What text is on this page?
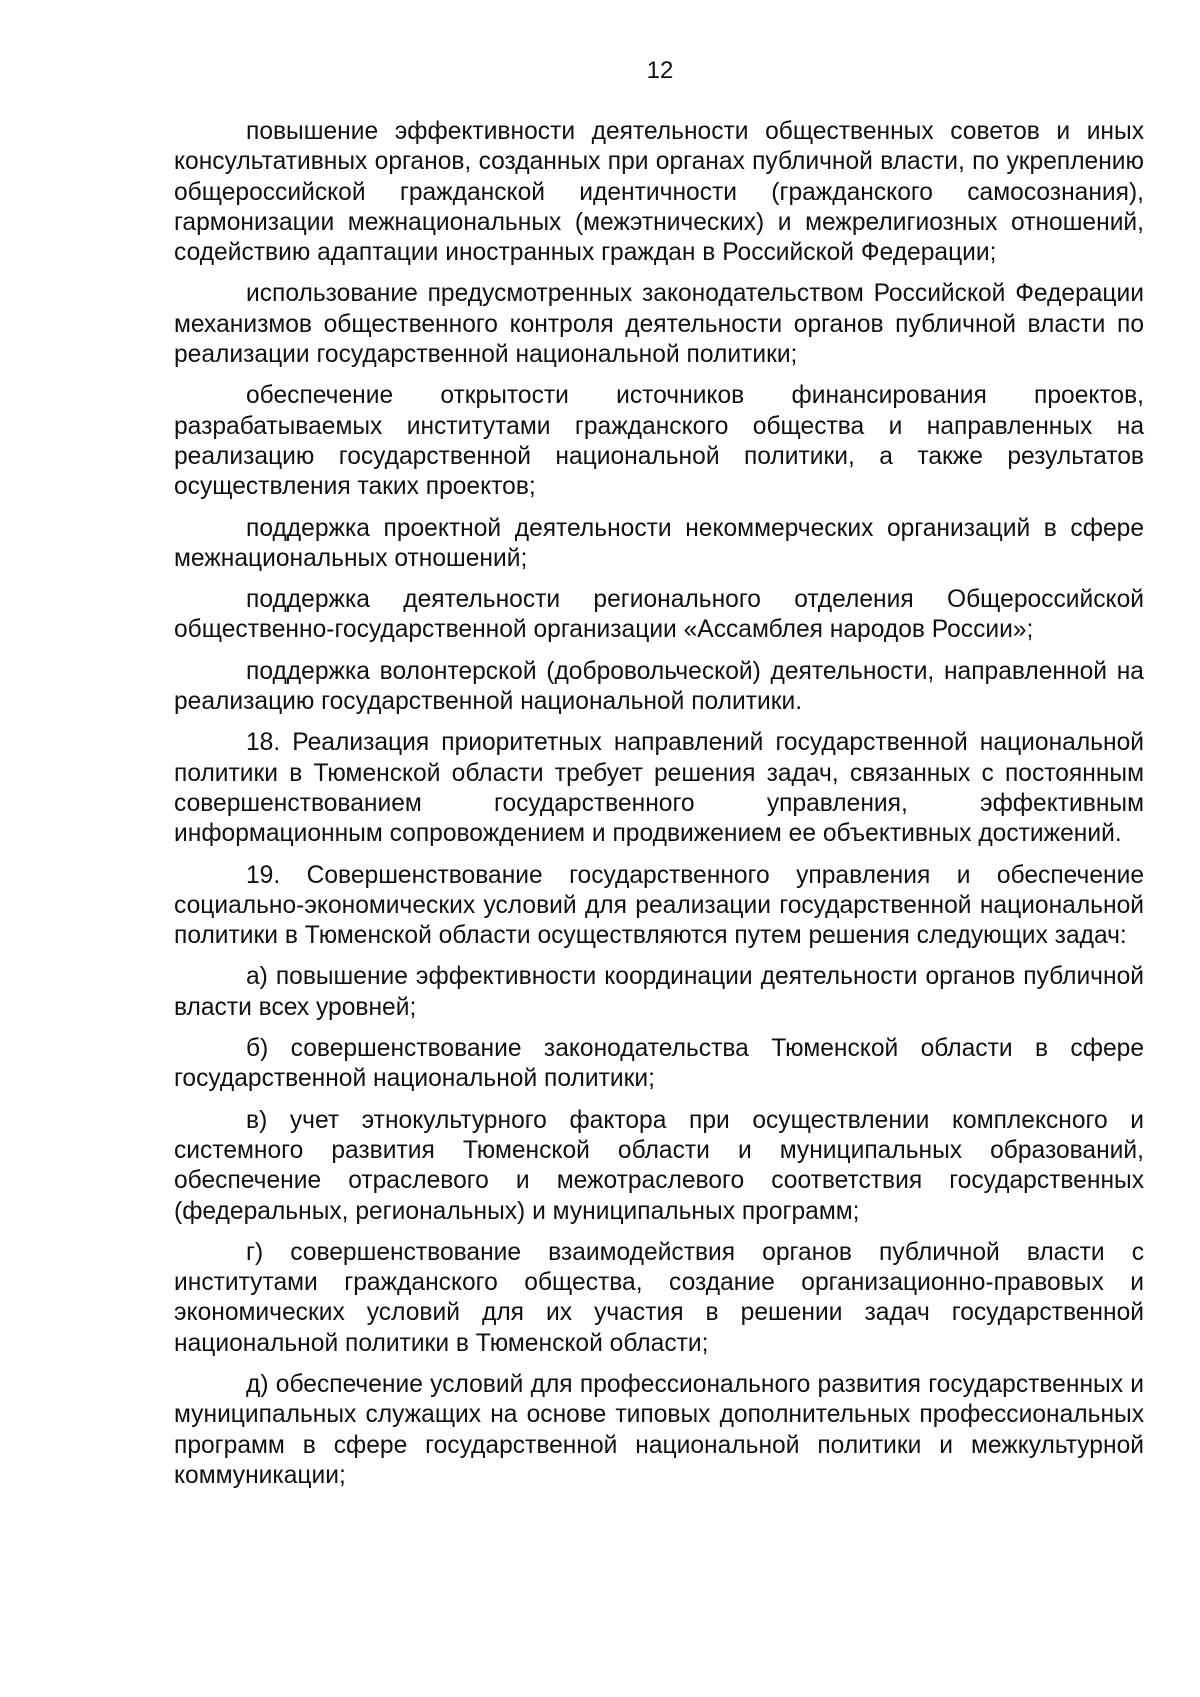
12

повышение эффективности деятельности общественных советов и иных консультативных органов, созданных при органах публичной власти, по укреплению общероссийской гражданской идентичности (гражданского самосознания), гармонизации межнациональных (межэтнических) и межрелигиозных отношений, содействию адаптации иностранных граждан в Российской Федерации;

использование предусмотренных законодательством Российской Федерации механизмов общественного контроля деятельности органов публичной власти по реализации государственной национальной политики;

обеспечение открытости источников финансирования проектов, разрабатываемых институтами гражданского общества и направленных на реализацию государственной национальной политики, а также результатов осуществления таких проектов;

поддержка проектной деятельности некоммерческих организаций в сфере межнациональных отношений;

поддержка деятельности регионального отделения Общероссийской общественно-государственной организации «Ассамблея народов России»;

поддержка волонтерской (добровольческой) деятельности, направленной на реализацию государственной национальной политики.

18. Реализация приоритетных направлений государственной национальной политики в Тюменской области требует решения задач, связанных с постоянным совершенствованием государственного управления, эффективным информационным сопровождением и продвижением ее объективных достижений.

19. Совершенствование государственного управления и обеспечение социально-экономических условий для реализации государственной национальной политики в Тюменской области осуществляются путем решения следующих задач:

а) повышение эффективности координации деятельности органов публичной власти всех уровней;

б) совершенствование законодательства Тюменской области в сфере государственной национальной политики;

в) учет этнокультурного фактора при осуществлении комплексного и системного развития Тюменской области и муниципальных образований, обеспечение отраслевого и межотраслевого соответствия государственных (федеральных, региональных) и муниципальных программ;

г) совершенствование взаимодействия органов публичной власти с институтами гражданского общества, создание организационно-правовых и экономических условий для их участия в решении задач государственной национальной политики в Тюменской области;

д) обеспечение условий для профессионального развития государственных и муниципальных служащих на основе типовых дополнительных профессиональных программ в сфере государственной национальной политики и межкультурной коммуникации;
